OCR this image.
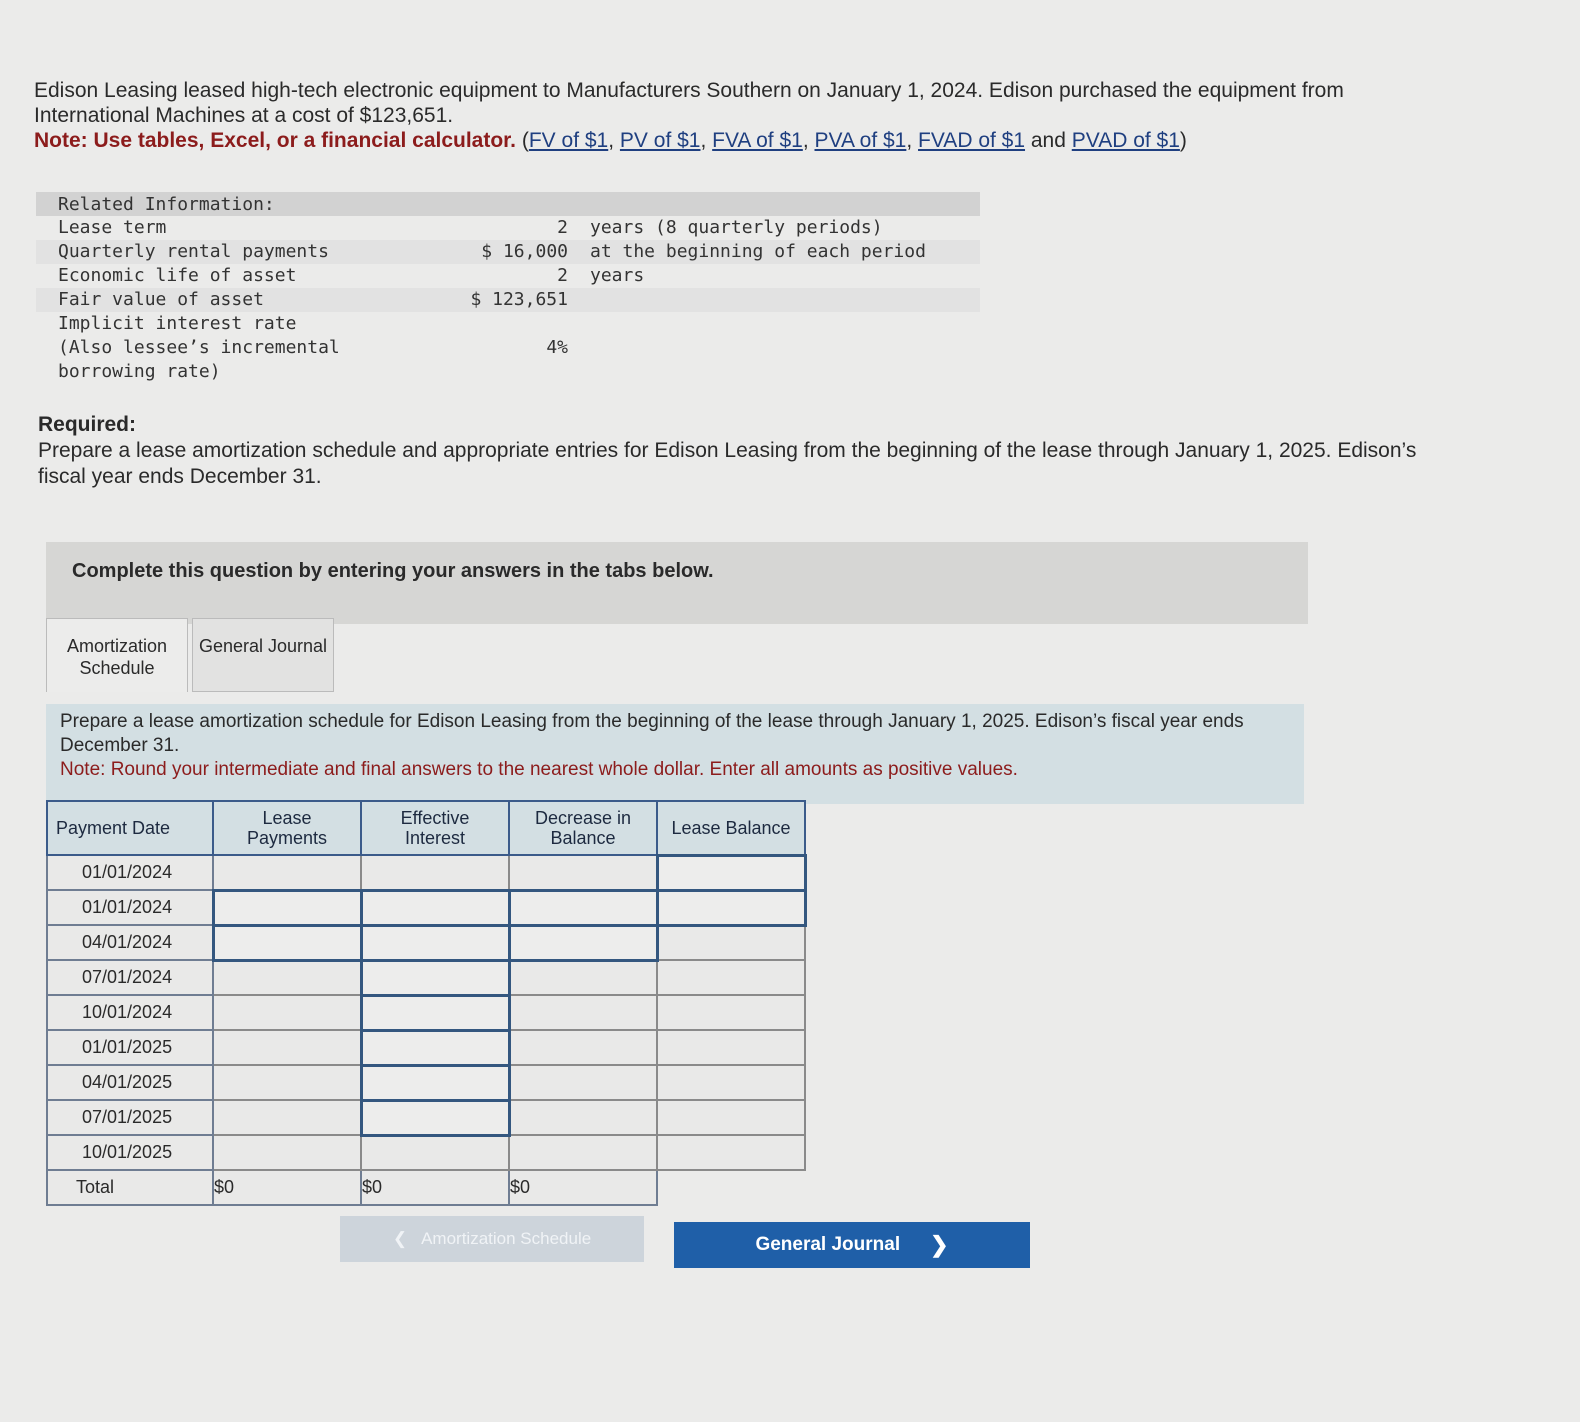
Edison Leasing leased high-tech electronic equipment to Manufacturers Southern on January 1, 2024. Edison purchased the equipment from International Machines at a cost of $123,651.
Note: Use tables, Excel, or a financial calculator. (FV of $1, PV of $1, FVA of $1, PVA of $1, FVAD of $1 and PVAD of $1)
Related Information:
Lease term	2	years (8 quarterly periods)
Quarterly rental payments	$ 16,000	at the beginning of each period
Economic life of asset	2	years
Fair value of asset	$ 123,651
Implicit interest rate (Also lessee’s incremental borrowing rate)
4%
Required:
Prepare a lease amortization schedule and appropriate entries for Edison Leasing from the beginning of the lease through January 1, 2025. Edison’s fiscal year ends December 31.
Complete this question by entering your answers in the tabs below.
Amortization Schedule
General Journal
Prepare a lease amortization schedule for Edison Leasing from the beginning of the lease through January 1, 2025. Edison’s fiscal year ends December 31.
Note: Round your intermediate and final answers to the nearest whole dollar. Enter all amounts as positive values.
Payment Date	Lease Payments	Effective Interest	Decrease in Balance	Lease Balance
01/01/2024				
01/01/2024				
04/01/2024				
07/01/2024				
10/01/2024				
01/01/2025				
04/01/2025				
07/01/2025				
10/01/2025				
Total	$0	$0	$0	

❮ Amortization Schedule	General Journal ❯
